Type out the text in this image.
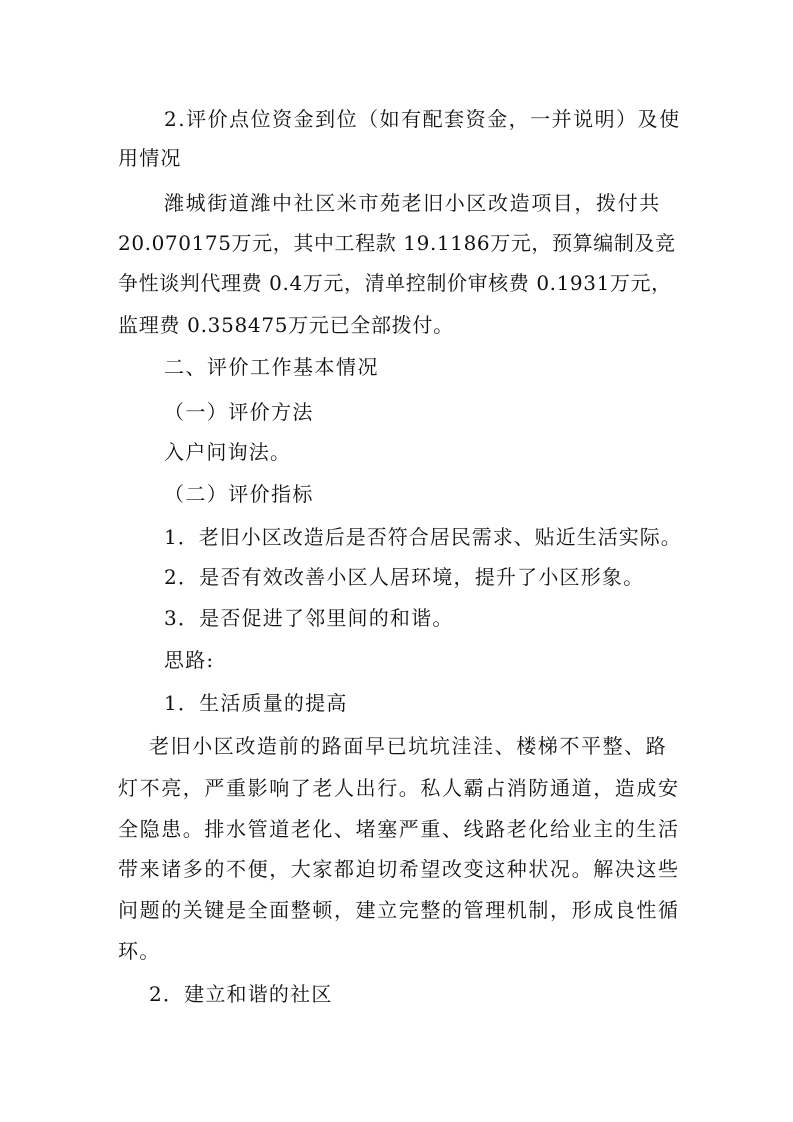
2.评价点位资金到位（如有配套资金，一并说明）及使
用情况
潍城街道潍中社区米市苑老旧小区改造项目，拨付共
20.070175万元，其中工程款 19.1186万元，预算编制及竞
争性谈判代理费 0.4万元，清单控制价审核费 0.1931万元，
监理费 0.358475万元已全部拨付。
二、评价工作基本情况
（一）评价方法
入户问询法。
（二）评价指标
1．老旧小区改造后是否符合居民需求、贴近生活实际。
2．是否有效改善小区人居环境，提升了小区形象。
3．是否促进了邻里间的和谐。
思路:
1．生活质量的提高
老旧小区改造前的路面早已坑坑洼洼、楼梯不平整、路
灯不亮，严重影响了老人出行。私人霸占消防通道，造成安
全隐患。排水管道老化、堵塞严重、线路老化给业主的生活
带来诸多的不便，大家都迫切希望改变这种状况。解决这些
问题的关键是全面整顿，建立完整的管理机制，形成良性循
环。
2．建立和谐的社区
